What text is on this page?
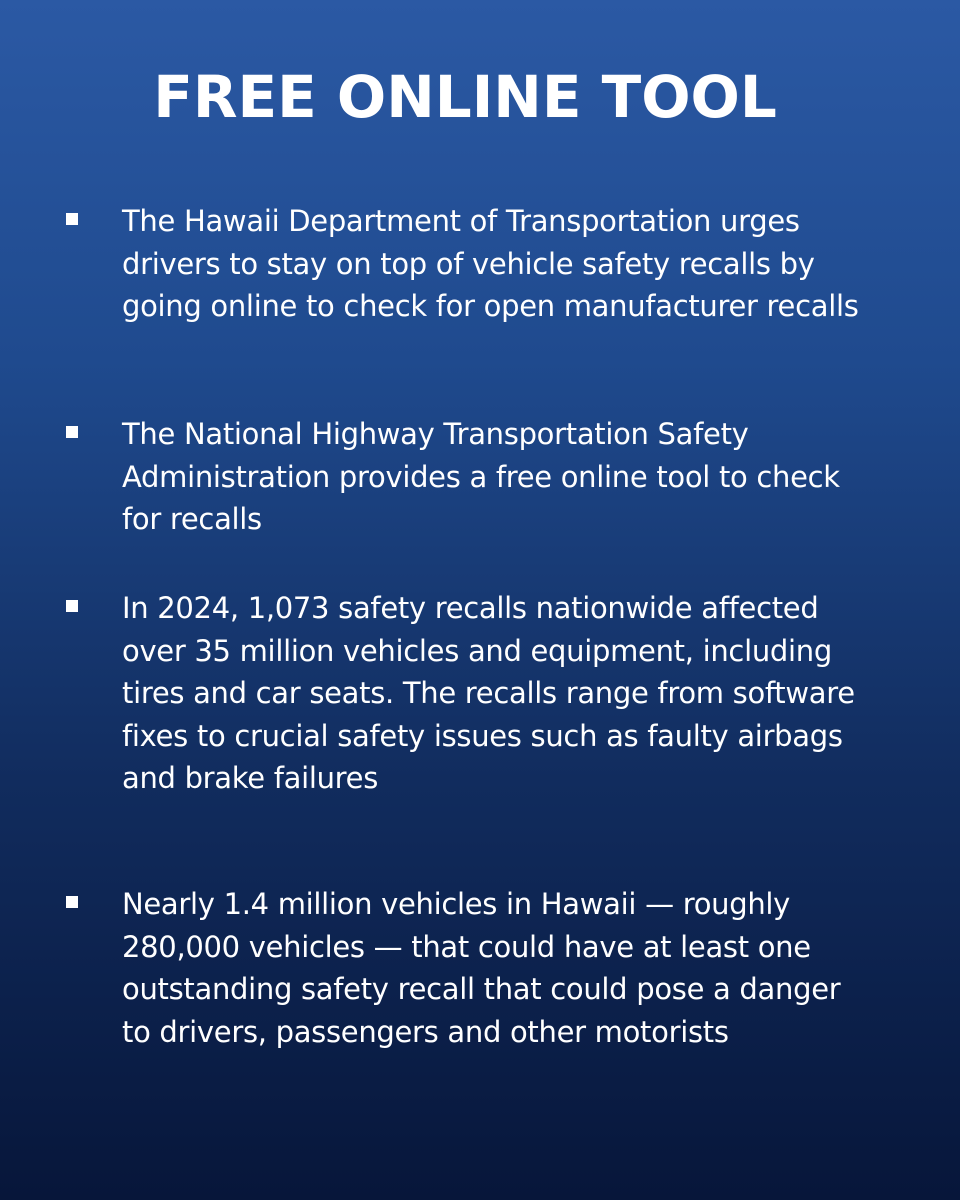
FREE ONLINE TOOL

The Hawaii Department of Transportation urges drivers to stay on top of vehicle safety recalls by going online to check for open manufacturer recalls

The National Highway Transportation Safety Administration provides a free online tool to check for recalls

In 2024, 1,073 safety recalls nationwide affected over 35 million vehicles and equipment, including tires and car seats. The recalls range from software fixes to crucial safety issues such as faulty airbags and brake failures

Nearly 1.4 million vehicles in Hawaii — roughly 280,000 vehicles — that could have at least one outstanding safety recall that could pose a danger to drivers, passengers and other motorists
